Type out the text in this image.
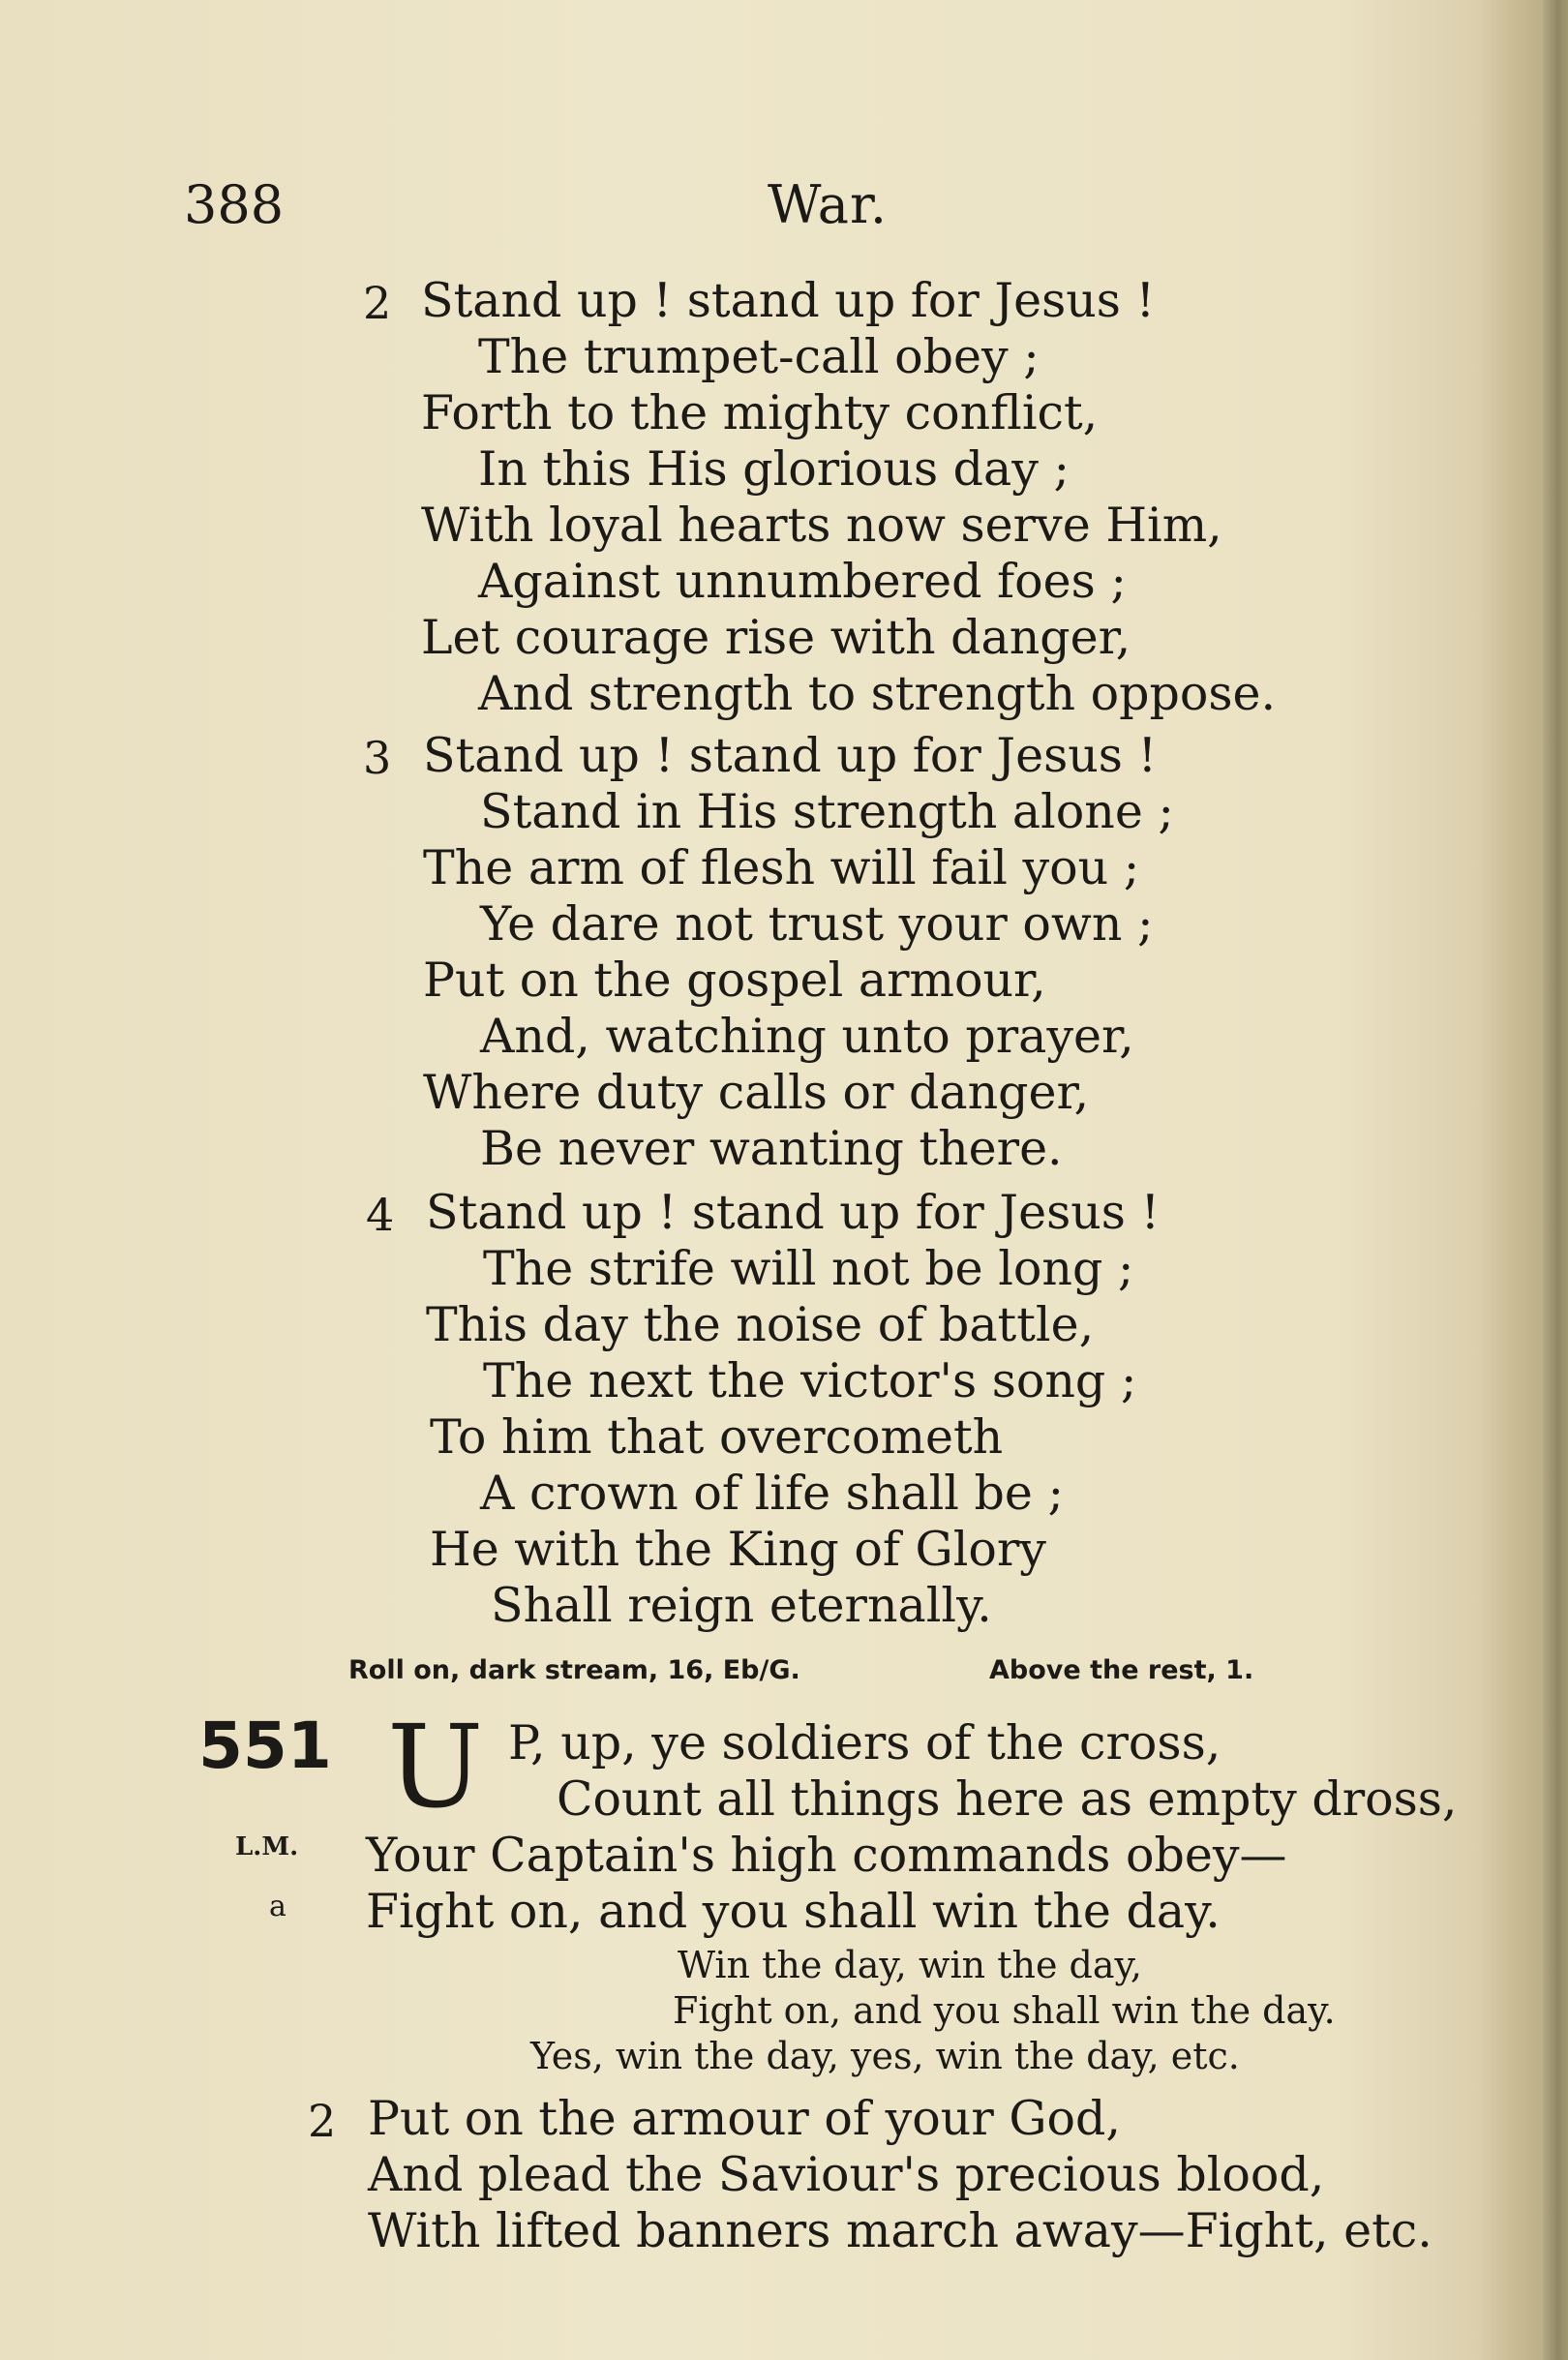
388	War.
2 Stand up ! stand up for Jesus !
The trumpet-call obey ;
Forth to the mighty conflict,
In this His glorious day ;
With loyal hearts now serve Him,
Against unnumbered foes ;
Let courage rise with danger,
And strength to strength oppose.
3 Stand up ! stand up for Jesus !
Stand in His strength alone ;
The arm of flesh will fail you ;
Ye dare not trust your own ;
Put on the gospel armour,
And, watching unto prayer,
Where duty calls or danger,
Be never wanting there.
4 Stand up ! stand up for Jesus !
The strife will not be long ;
This day the noise of battle,
The next the victor's song ;
To him that overcometh
A crown of life shall be ;
He with the King of Glory
Shall reign eternally.
Roll on, dark stream, 16, Eb/G.	Above the rest, 1.
551 U P, up, ye soldiers of the cross,
Count all things here as empty dross,
L.M. Your Captain's high commands obey—
a Fight on, and you shall win the day.
Win the day, win the day,
Fight on, and you shall win the day.
Yes, win the day, yes, win the day, etc.
2 Put on the armour of your God,
And plead the Saviour's precious blood,
With lifted banners march away—Fight, etc.
